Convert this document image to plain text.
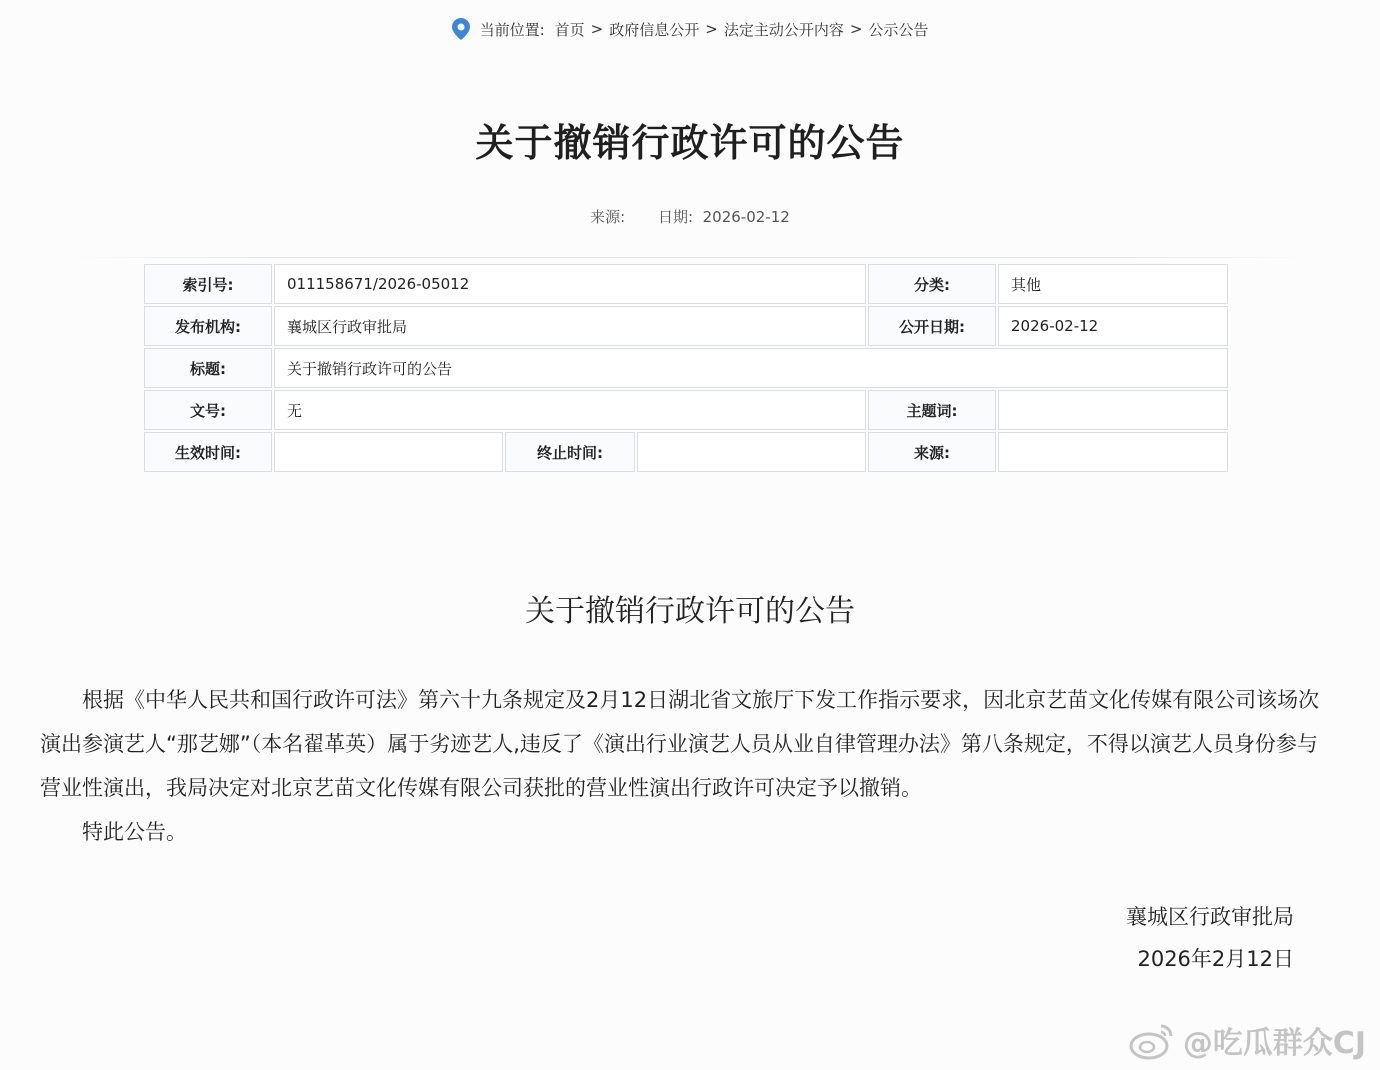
当前位置: 首页 > 政府信息公开 > 法定主动公开内容 > 公示公告
关于撤销行政许可的公告
来源: 日期: 2026-02-12
索引号:	011158671/2026-05012			分类:	其他
发布机构:	襄城区行政审批局			公开日期:	2026-02-12
标题:	关于撤销行政许可的公告				
文号:	无			主题词:	
生效时间:		终止时间:		来源:	
关于撤销行政许可的公告

根据《中华人民共和国行政许可法》第六十九条规定及2月12日湖北省文旅厅下发工作指示要求，因北京艺苗文化传媒有限公司该场次演出参演艺人“那艺娜”（本名翟革英）属于劣迹艺人,违反了《演出行业演艺人员从业自律管理办法》第八条规定，不得以演艺人员身份参与营业性演出，我局决定对北京艺苗文化传媒有限公司获批的营业性演出行政许可决定予以撤销。

特此公告。

襄城区行政审批局
2026年2月12日
@吃瓜群众CJ
